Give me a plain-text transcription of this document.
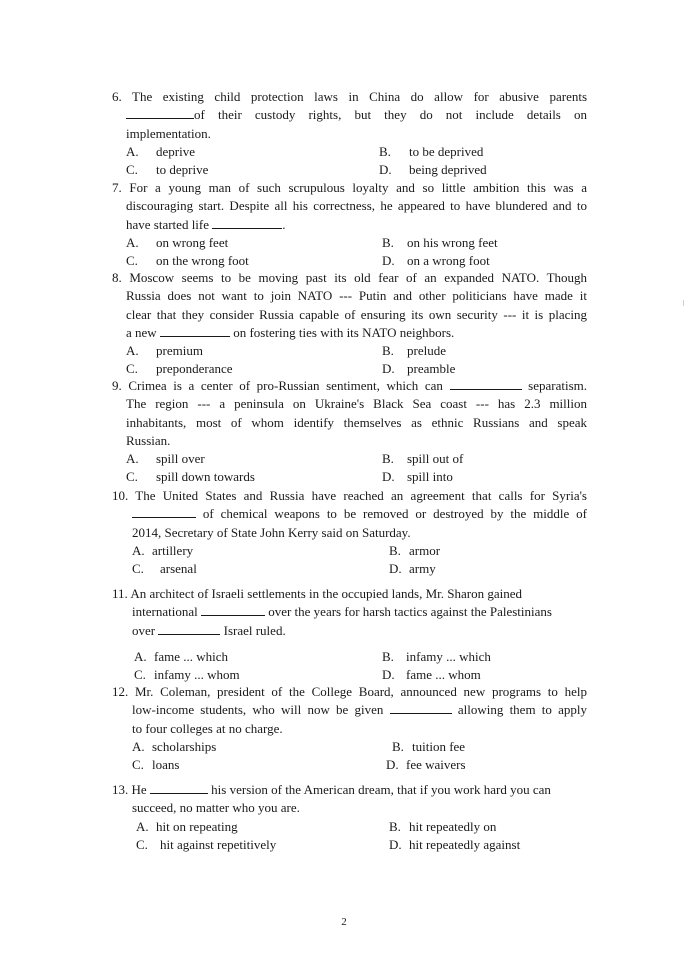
6. The existing child protection laws in China do allow for abusive parents
of their custody rights, but they do not include details on
implementation.
A. deprive	B. to be deprived
C. to deprive	D. being deprived
7. For a young man of such scrupulous loyalty and so little ambition this was a
discouraging start. Despite all his correctness, he appeared to have blundered and to
have started life	.
A. on wrong feet	B. on his wrong feet
C. on the wrong foot	D. on a wrong foot
8. Moscow seems to be moving past its old fear of an expanded NATO. Though
Russia does not want to join NATO --- Putin and other politicians have made it
clear that they consider Russia capable of ensuring its own security --- it is placing
a new	on fostering ties with its NATO neighbors.
A. premium	B. prelude
C. preponderance	D. preamble
9. Crimea is a center of pro-Russian sentiment, which can	separatism.
The region --- a peninsula on Ukraine's Black Sea coast --- has 2.3 million
inhabitants, most of whom identify themselves as ethnic Russians and speak
Russian.
A. spill over	B. spill out of
C. spill down towards	D. spill into
10. The United States and Russia have reached an agreement that calls for Syria's
of chemical weapons to be removed or destroyed by the middle of
2014, Secretary of State John Kerry said on Saturday.
A. artillery	B. armor
C. arsenal	D. army
11. An architect of Israeli settlements in the occupied lands, Mr. Sharon gained
international	over the years for harsh tactics against the Palestinians
over	Israel ruled.
A. fame ... which	B. infamy ... which
C. infamy ... whom	D. fame ... whom
12. Mr. Coleman, president of the College Board, announced new programs to help
low-income students, who will now be given	allowing them to apply
to four colleges at no charge.
A. scholarships	B. tuition fee
C. loans	D. fee waivers
13. He	his version of the American dream, that if you work hard you can
succeed, no matter who you are.
A. hit on repeating	B. hit repeatedly on
C. hit against repetitively	D. hit repeatedly against
2
